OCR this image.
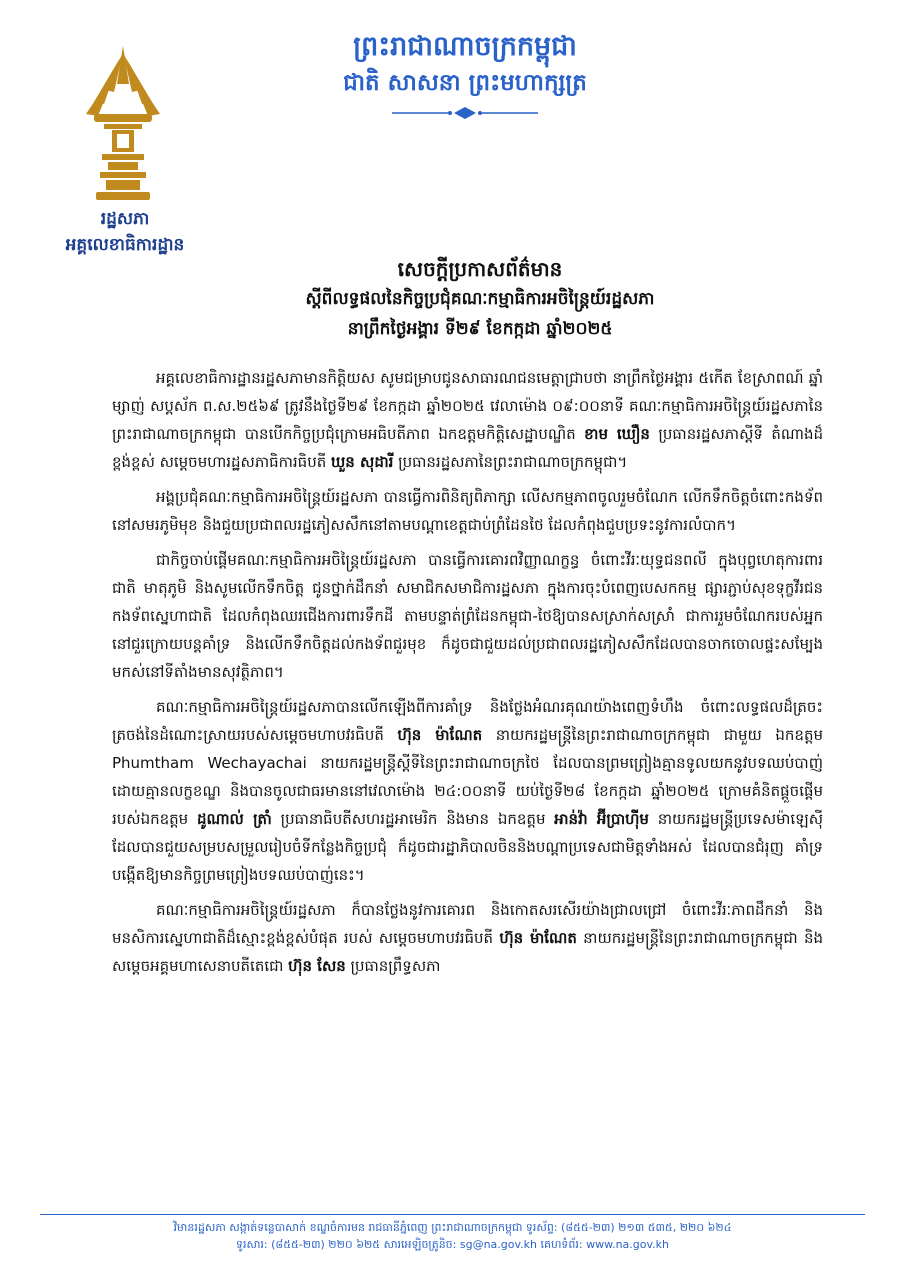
រដ្ឋសភា
អគ្គលេខាធិការដ្ឋាន
ព្រះរាជាណាចក្រកម្ពុជា
ជាតិ សាសនា ព្រះមហាក្សត្រ
សេចក្តីប្រកាសព័ត៌មាន
ស្តីពីលទ្ធផលនៃកិច្ចប្រជុំគណៈកម្មាធិការអចិន្ត្រៃយ៍រដ្ឋសភា
នាព្រឹកថ្ងៃអង្គារ ទី២៩ ខែកក្កដា ឆ្នាំ២០២៥

អគ្គលេខាធិការដ្ឋានរដ្ឋសភាមានកិត្តិយស សូមជម្រាបជូនសាធារណជនមេត្តាជ្រាបថា នាព្រឹកថ្ងៃអង្គារ ៥កើត ខែស្រាពណ៍ ឆ្នាំម្សាញ់ សប្តស័ក ព.ស.២៥៦៩ ត្រូវនឹងថ្ងៃទី២៩ ខែកក្កដា ឆ្នាំ២០២៥ វេលាម៉ោង ០៩:០០នាទី គណៈកម្មាធិការអចិន្ត្រៃយ៍រដ្ឋសភានៃព្រះរាជាណាចក្រកម្ពុជា បានបើកកិច្ចប្រជុំក្រោមអធិបតីភាព ឯកឧត្តមកិត្តិសេដ្ឋាបណ្ឌិត ខាម ឃឿន ប្រធានរដ្ឋសភាស្តីទី តំណាងដ៏ខ្ពង់ខ្ពស់ សម្តេចមហារដ្ឋសភាធិការធិបតី ឃួន សុដារី ប្រធានរដ្ឋសភានៃព្រះរាជាណាចក្រកម្ពុជា។

អង្គប្រជុំគណៈកម្មាធិការអចិន្ត្រៃយ៍រដ្ឋសភា បានធ្វើការពិនិត្យពិភាក្សា លើសកម្មភាពចូលរួមចំណែក លើកទឹកចិត្តចំពោះកងទ័ពនៅសមរភូមិមុខ និងជួយប្រជាពលរដ្ឋភៀសសឹកនៅតាមបណ្តាខេត្តជាប់ព្រំដែនថៃ ដែលកំពុងជួបប្រទះនូវការលំបាក។

ជាកិច្ចចាប់ផ្តើមគណៈកម្មាធិការអចិន្ត្រៃយ៍រដ្ឋសភា បានធ្វើការគោរពវិញ្ញាណក្ខន្ធ ចំពោះវីរៈយុទ្ធជនពលី ក្នុងបុព្វហេតុការពារជាតិ មាតុភូមិ និងសូមលើកទឹកចិត្ត ជូនថ្នាក់ដឹកនាំ សមាជិកសមាជិការដ្ឋសភា ក្នុងការចុះបំពេញបេសកកម្ម ផ្សារភ្ជាប់សុខទុក្ខវីរជនកងទ័ពស្នេហាជាតិ ដែលកំពុងឈរជើងការពារទឹកដី តាមបន្ទាត់ព្រំដែនកម្ពុជា-ថៃឱ្យបានសស្រាក់សស្រាំ ជាការរួមចំណែករបស់អ្នកនៅជួរក្រោយបន្តគាំទ្រ និងលើកទឹកចិត្តដល់កងទ័ពជួរមុខ ក៏ដូចជាជួយដល់ប្រជាពលរដ្ឋភៀសសឹកដែលបានចាកចោលផ្ទះសម្បែង មកស់នៅទីតាំងមានសុវត្ថិភាព។

គណៈកម្មាធិការអចិន្ត្រៃយ៍រដ្ឋសភាបានលើកឡើងពីការគាំទ្រ និងថ្លែងអំណរគុណយ៉ាងពេញទំហឹង ចំពោះលទ្ធផលដ៏ត្រចះត្រចង់នៃដំណោះស្រាយរបស់សម្តេចមហាបវរធិបតី ហ៊ុន ម៉ាណែត នាយករដ្ឋមន្ត្រីនៃព្រះរាជាណាចក្រកម្ពុជា ជាមួយ ឯកឧត្តម Phumtham Wechayachai នាយករដ្ឋមន្ត្រីស្តីទីនៃព្រះរាជាណាចក្រថៃ ដែលបានព្រមព្រៀងគ្មានទូលយកនូវបទឈប់បាញ់ដោយគ្មានលក្ខខណ្ឌ និងបានចូលជាធរមាននៅវេលាម៉ោង ២៤:០០នាទី យប់ថ្ងៃទី២៨ ខែកក្កដា ឆ្នាំ២០២៥ ក្រោមគំនិតផ្តួចផ្តើមរបស់ឯកឧត្តម ដូណាល់ ត្រាំ ប្រធានាធិបតីសហរដ្ឋអាមេរិក និងមាន ឯកឧត្តម អាន់វ៉ា អ៊ីប្រាហ៊ីម នាយករដ្ឋមន្ត្រីប្រទេសម៉ាឡេស៊ី ដែលបានជួយសម្របសម្រួលរៀបចំទីកន្លែងកិច្ចប្រជុំ ក៏ដូចជារដ្ឋាភិបាលចិននិងបណ្តាប្រទេសជាមិត្តទាំងអស់ ដែលបានជំរុញ គាំទ្រ បង្កើតឱ្យមានកិច្ចព្រមព្រៀងបទឈប់បាញ់នេះ។

គណៈកម្មាធិការអចិន្ត្រៃយ៍រដ្ឋសភា ក៏បានថ្លែងនូវការគោរព និងកោតសរសើរយ៉ាងជ្រាលជ្រៅ ចំពោះវីរៈភាពដឹកនាំ និងមនសិការស្នេហាជាតិដ៏ស្មោះខ្ពង់ខ្ពស់បំផុត របស់ សម្តេចមហាបវរធិបតី ហ៊ុន ម៉ាណែត នាយករដ្ឋមន្ត្រីនៃព្រះរាជាណាចក្រកម្ពុជា និង សម្តេចអគ្គមហាសេនាបតីតេជោ ហ៊ុន សែន ប្រធានព្រឹទ្ធសភា

វិមានរដ្ឋសភា សង្កាត់ទន្លេបាសាក់ ខណ្ឌចំការមន រាជធានីភ្នំពេញ ព្រះរាជាណាចក្រកម្ពុជា ទូរស័ព្ទ: (៨៥៥-២៣) ២១៣ ៥៣៥, ២២០ ៦២៤
ទូរសារ: (៨៥៥-២៣) ២២០ ៦២៥ សារអេឡិចត្រូនិច: sg@na.gov.kh គេហទំព័រ: www.na.gov.kh
